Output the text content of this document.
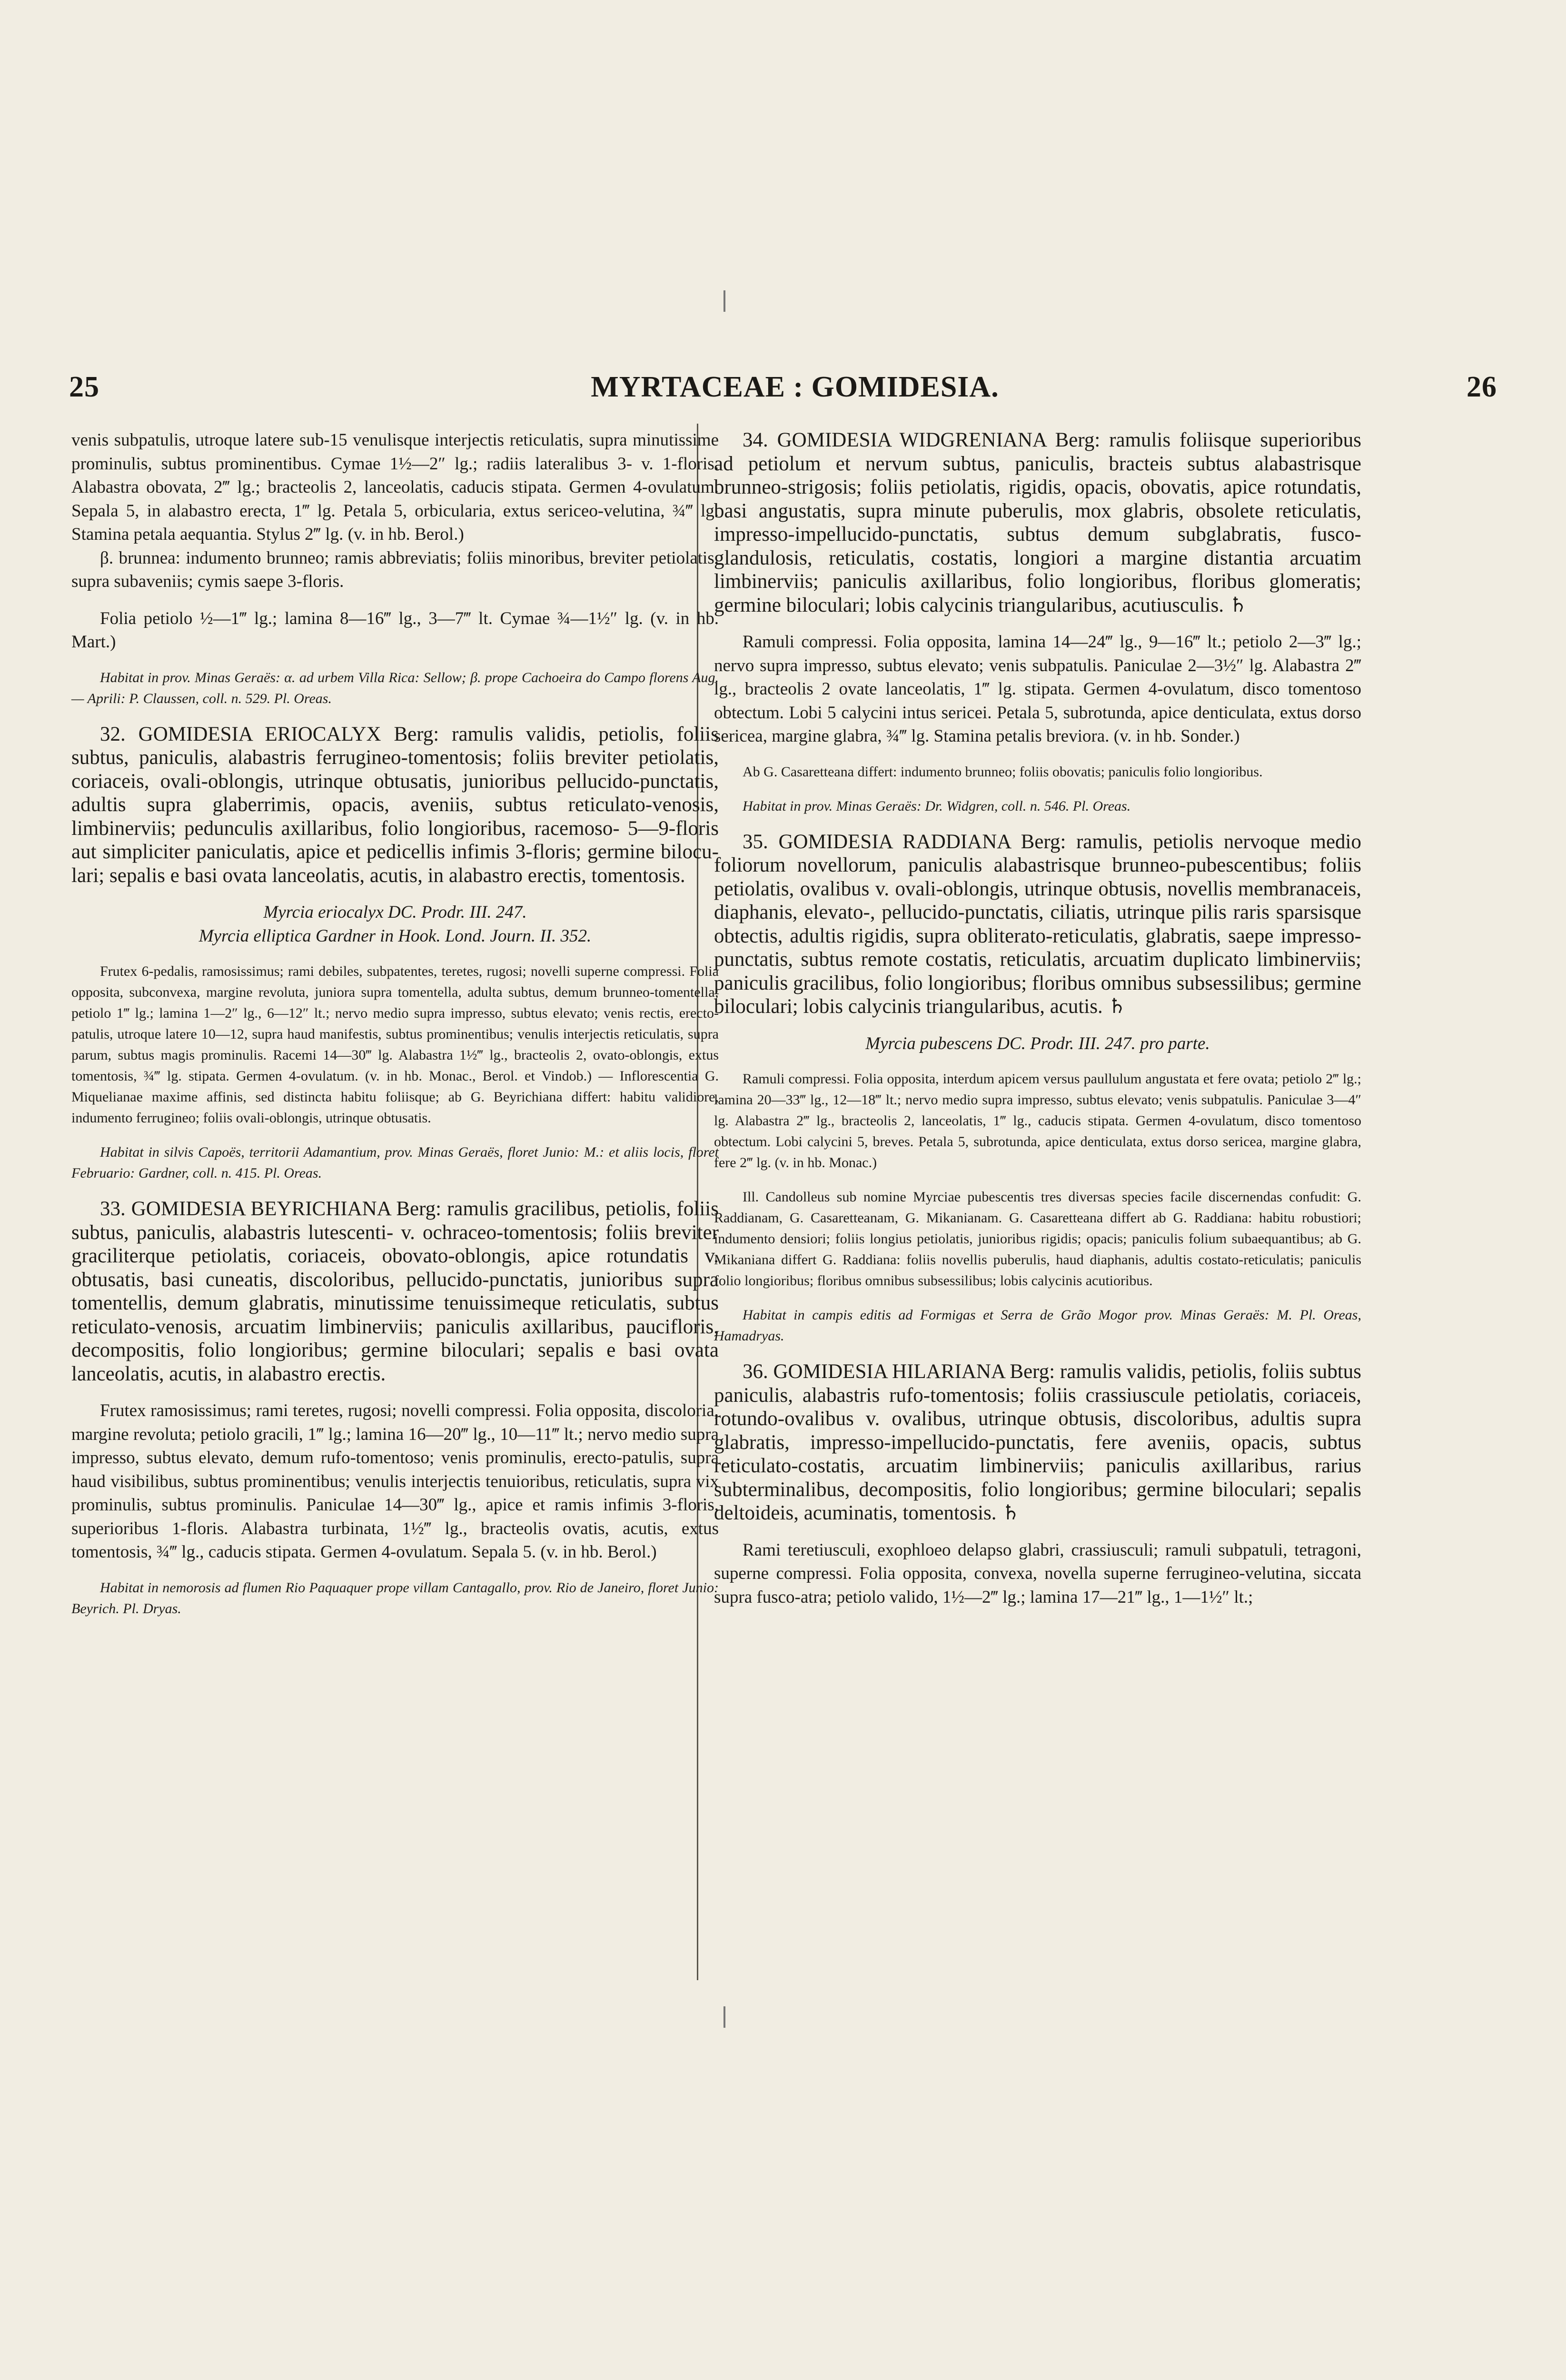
25	MYRTACEAE : GOMIDESIA.	26

venis subpatulis, utroque latere sub-15 venulisque interjectis reticulatis, supra minutissime prominulis, subtus prominentibus. Cymae 1½—2″ lg.; radiis lateralibus 3- v. 1-floris. Alabastra obovata, 2‴ lg.; bracteolis 2, lanceolatis, caducis stipata. Germen 4-ovulatum. Sepala 5, in alabastro erecta, 1‴ lg. Petala 5, orbicularia, extus sericeo-velutina, ¾‴ lg. Stamina petala aequantia. Stylus 2‴ lg. (v. in hb. Berol.)

β. brunnea: indumento brunneo; ramis abbreviatis; foliis minoribus, breviter petiolatis, supra subaveniis; cymis saepe 3-floris.

Folia petiolo ½—1‴ lg.; lamina 8—16‴ lg., 3—7‴ lt. Cymae ¾—1½″ lg. (v. in hb. Mart.)

Habitat in prov. Minas Geraës: α. ad urbem Villa Rica: Sellow; β. prope Cachoeira do Campo florens Aug. — Aprili: P. Claussen, coll. n. 529. Pl. Oreas.

32. GOMIDESIA ERIOCALYX Berg: ramulis validis, petiolis, foliis subtus, paniculis, alabastris ferrugineo-tomentosis; foliis breviter petiolatis, coriaceis, ovali-oblongis, utrinque obtusatis, junioribus pellucido-punctatis, adultis supra glaberrimis, opacis, aveniis, subtus reticulato-venosis, limbinerviis; pedunculis axillaribus, folio longioribus, racemoso- 5—9-floris aut simpliciter paniculatis, apice et pedicellis infimis 3-floris; germine bilocu-lari; sepalis e basi ovata lanceolatis, acutis, in alabastro erectis, tomentosis.

Myrcia eriocalyx DC. Prodr. III. 247.

Myrcia elliptica Gardner in Hook. Lond. Journ. II. 352.

Frutex 6-pedalis, ramosissimus; rami debiles, subpatentes, teretes, rugosi; novelli superne compressi. Folia opposita, subconvexa, margine revoluta, juniora supra tomentella, adulta subtus, demum brunneo-tomentella; petiolo 1‴ lg.; lamina 1—2″ lg., 6—12″ lt.; nervo medio supra impresso, subtus elevato; venis rectis, erecto-patulis, utroque latere 10—12, supra haud manifestis, subtus prominentibus; venulis interjectis reticulatis, supra parum, subtus magis prominulis. Racemi 14—30‴ lg. Alabastra 1½‴ lg., bracteolis 2, ovato-oblongis, extus tomentosis, ¾‴ lg. stipata. Germen 4-ovulatum. (v. in hb. Monac., Berol. et Vindob.) — Inflorescentia G. Miquelianae maxime affinis, sed distincta habitu foliisque; ab G. Beyrichiana differt: habitu validiore, indumento ferrugineo; foliis ovali-oblongis, utrinque obtusatis.

Habitat in silvis Capoës, territorii Adamantium, prov. Minas Geraës, floret Junio: M.: et aliis locis, floret Februario: Gardner, coll. n. 415. Pl. Oreas.

33. GOMIDESIA BEYRICHIANA Berg: ramulis gracilibus, petiolis, foliis subtus, paniculis, alabastris lutescenti- v. ochraceo-tomentosis; foliis breviter graciliterque petiolatis, coriaceis, obovato-oblongis, apice rotundatis v. obtusatis, basi cuneatis, discoloribus, pellucido-punctatis, junioribus supra tomentellis, demum glabratis, minutissime tenuissimeque reticulatis, subtus reticulato-venosis, arcuatim limbinerviis; paniculis axillaribus, paucifloris, decompositis, folio longioribus; germine biloculari; sepalis e basi ovata lanceolatis, acutis, in alabastro erectis.

Frutex ramosissimus; rami teretes, rugosi; novelli compressi. Folia opposita, discoloria, margine revoluta; petiolo gracili, 1‴ lg.; lamina 16—20‴ lg., 10—11‴ lt.; nervo medio supra impresso, subtus elevato, demum rufo-tomentoso; venis prominulis, erecto-patulis, supra haud visibilibus, subtus prominentibus; venulis interjectis tenuioribus, reticulatis, supra vix prominulis, subtus prominulis. Paniculae 14—30‴ lg., apice et ramis infimis 3-floris, superioribus 1-floris. Alabastra turbinata, 1½‴ lg., bracteolis ovatis, acutis, extus tomentosis, ¾‴ lg., caducis stipata. Germen 4-ovulatum. Sepala 5. (v. in hb. Berol.)

Habitat in nemorosis ad flumen Rio Paquaquer prope villam Cantagallo, prov. Rio de Janeiro, floret Junio: Beyrich. Pl. Dryas.

34. GOMIDESIA WIDGRENIANA Berg: ramulis foliisque superioribus ad petiolum et nervum subtus, paniculis, bracteis subtus alabastrisque brunneo-strigosis; foliis petiolatis, rigidis, opacis, obovatis, apice rotundatis, basi angustatis, supra minute puberulis, mox glabris, obsolete reticulatis, impresso-impellucido-punctatis, subtus demum subglabratis, fusco-glandulosis, reticulatis, costatis, longiori a margine distantia arcuatim limbinerviis; paniculis axillaribus, folio longioribus, floribus glomeratis; germine biloculari; lobis calycinis triangularibus, acutiusculis. ♄

Ramuli compressi. Folia opposita, lamina 14—24‴ lg., 9—16‴ lt.; petiolo 2—3‴ lg.; nervo supra impresso, subtus elevato; venis subpatulis. Paniculae 2—3½″ lg. Alabastra 2‴ lg., bracteolis 2 ovate lanceolatis, 1‴ lg. stipata. Germen 4-ovulatum, disco tomentoso obtectum. Lobi 5 calycini intus sericei. Petala 5, subrotunda, apice denticulata, extus dorso sericea, margine glabra, ¾‴ lg. Stamina petalis breviora. (v. in hb. Sonder.)

Ab G. Casaretteana differt: indumento brunneo; foliis obovatis; paniculis folio longioribus.

Habitat in prov. Minas Geraës: Dr. Widgren, coll. n. 546. Pl. Oreas.

35. GOMIDESIA RADDIANA Berg: ramulis, petiolis nervoque medio foliorum novellorum, paniculis alabastrisque brunneo-pubescentibus; foliis petiolatis, ovalibus v. ovali-oblongis, utrinque obtusis, novellis membranaceis, diaphanis, elevato-, pellucido-punctatis, ciliatis, utrinque pilis raris sparsisque obtectis, adultis rigidis, supra obliterato-reticulatis, glabratis, saepe impresso-punctatis, subtus remote costatis, reticulatis, arcuatim duplicato limbinerviis; paniculis gracilibus, folio longioribus; floribus omnibus subsessilibus; germine biloculari; lobis calycinis triangularibus, acutis. ♄

Myrcia pubescens DC. Prodr. III. 247. pro parte.

Ramuli compressi. Folia opposita, interdum apicem versus paullulum angustata et fere ovata; petiolo 2‴ lg.; lamina 20—33‴ lg., 12—18‴ lt.; nervo medio supra impresso, subtus elevato; venis subpatulis. Paniculae 3—4″ lg. Alabastra 2‴ lg., bracteolis 2, lanceolatis, 1‴ lg., caducis stipata. Germen 4-ovulatum, disco tomentoso obtectum. Lobi calycini 5, breves. Petala 5, subrotunda, apice denticulata, extus dorso sericea, margine glabra, fere 2‴ lg. (v. in hb. Monac.)

Ill. Candolleus sub nomine Myrciae pubescentis tres diversas species facile discernendas confudit: G. Raddianam, G. Casaretteanam, G. Mikanianam. G. Casaretteana differt ab G. Raddiana: habitu robustiori; indumento densiori; foliis longius petiolatis, junioribus rigidis; opacis; paniculis folium subaequantibus; ab G. Mikaniana differt G. Raddiana: foliis novellis puberulis, haud diaphanis, adultis costato-reticulatis; paniculis folio longioribus; floribus omnibus subsessilibus; lobis calycinis acutioribus.

Habitat in campis editis ad Formigas et Serra de Grão Mogor prov. Minas Geraës: M. Pl. Oreas, Hamadryas.

36. GOMIDESIA HILARIANA Berg: ramulis validis, petiolis, foliis subtus paniculis, alabastris rufo-tomentosis; foliis crassiuscule petiolatis, coriaceis, rotundo-ovalibus v. ovalibus, utrinque obtusis, discoloribus, adultis supra glabratis, impresso-impellucido-punctatis, fere aveniis, opacis, subtus reticulato-costatis, arcuatim limbinerviis; paniculis axillaribus, rarius subterminalibus, decompositis, folio longioribus; germine biloculari; sepalis deltoideis, acuminatis, tomentosis. ♄

Rami teretiusculi, exophloeo delapso glabri, crassiusculi; ramuli subpatuli, tetragoni, superne compressi. Folia opposita, convexa, novella superne ferrugineo-velutina, siccata supra fusco-atra; petiolo valido, 1½—2‴ lg.; lamina 17—21‴ lg., 1—1½″ lt.;
